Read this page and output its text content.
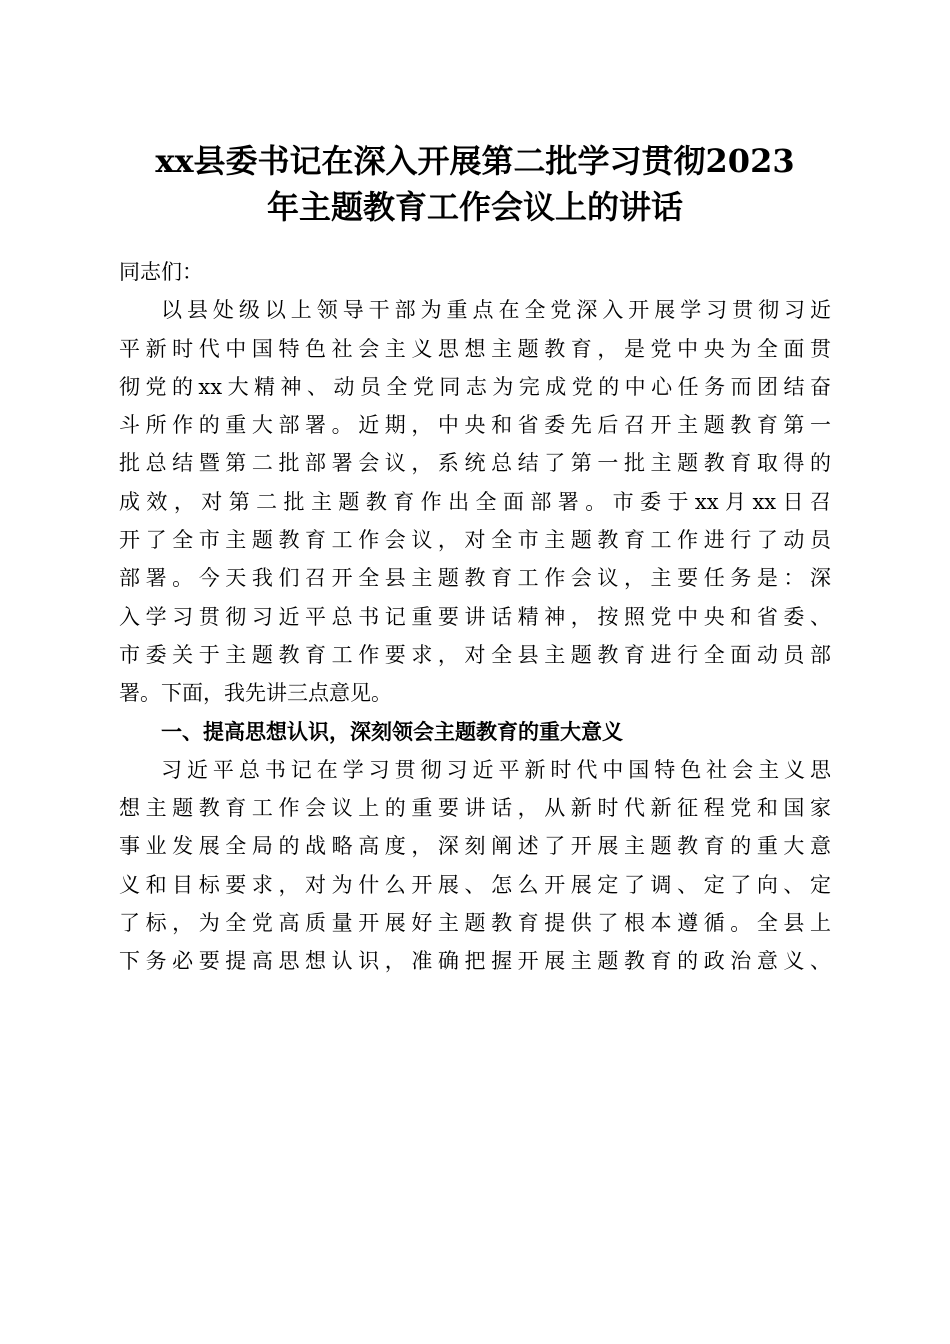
xx县委书记在深入开展第二批学习贯彻2023
年主题教育工作会议上的讲话
同志们：
以县处级以上领导干部为重点在全党深入开展学习贯彻习近
平新时代中国特色社会主义思想主题教育，是党中央为全面贯
彻党的xx大精神、动员全党同志为完成党的中心任务而团结奋
斗所作的重大部署。近期，中央和省委先后召开主题教育第一
批总结暨第二批部署会议，系统总结了第一批主题教育取得的
成效，对第二批主题教育作出全面部署。市委于xx月xx日召
开了全市主题教育工作会议，对全市主题教育工作进行了动员
部署。今天我们召开全县主题教育工作会议，主要任务是：深
入学习贯彻习近平总书记重要讲话精神，按照党中央和省委、
市委关于主题教育工作要求，对全县主题教育进行全面动员部
署。下面，我先讲三点意见。
一、提高思想认识，深刻领会主题教育的重大意义
习近平总书记在学习贯彻习近平新时代中国特色社会主义思
想主题教育工作会议上的重要讲话，从新时代新征程党和国家
事业发展全局的战略高度，深刻阐述了开展主题教育的重大意
义和目标要求，对为什么开展、怎么开展定了调、定了向、定
了标，为全党高质量开展好主题教育提供了根本遵循。全县上
下务必要提高思想认识，准确把握开展主题教育的政治意义、
